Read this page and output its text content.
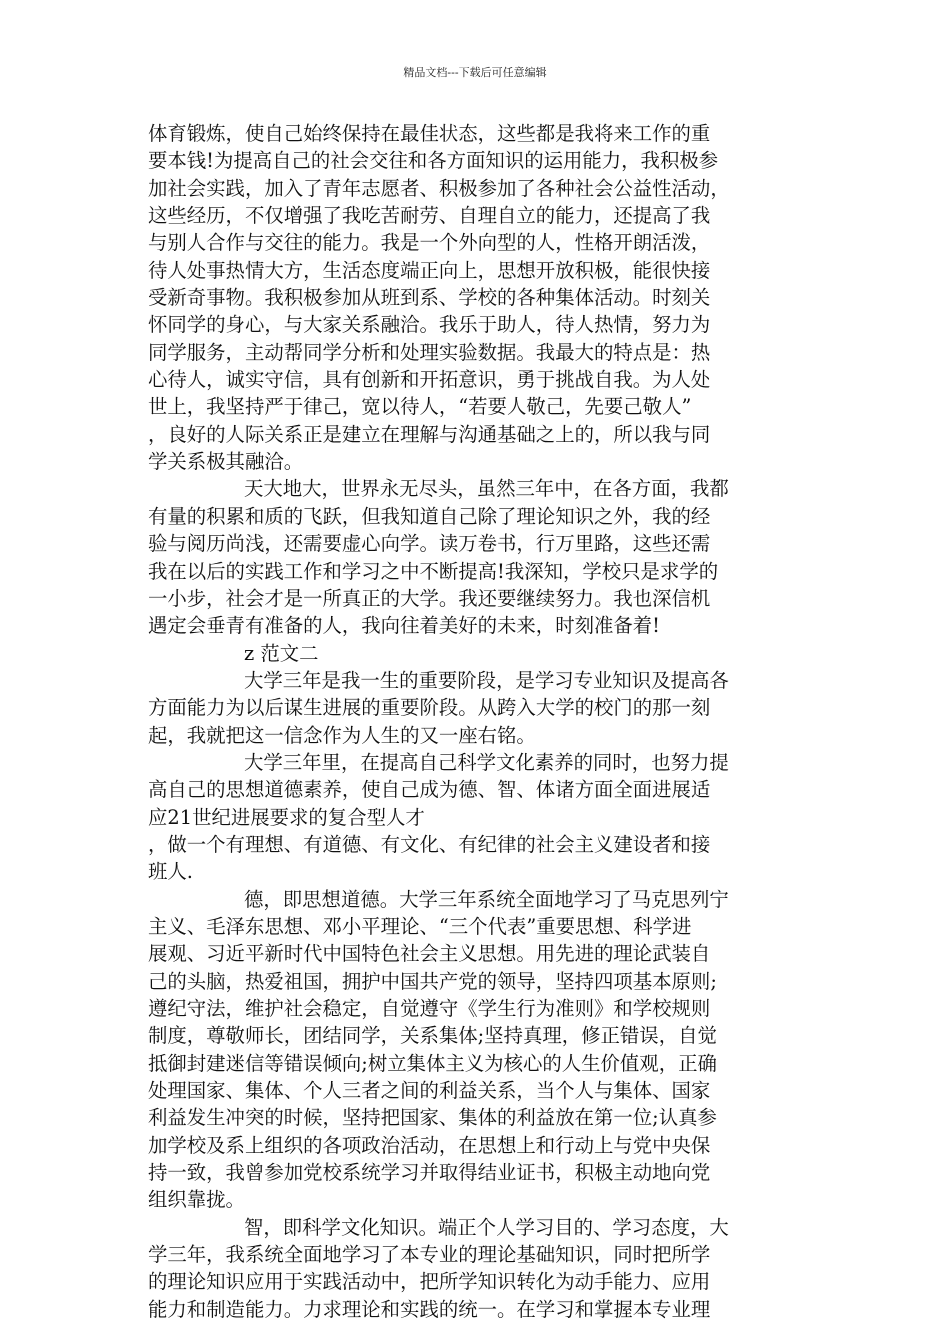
精品文档---下载后可任意编辑
体育锻炼，使自己始终保持在最佳状态，这些都是我将来工作的重
要本钱!为提高自己的社会交往和各方面知识的运用能力，我积极参
加社会实践，加入了青年志愿者、积极参加了各种社会公益性活动，
这些经历，不仅增强了我吃苦耐劳、自理自立的能力，还提高了我
与别人合作与交往的能力。我是一个外向型的人，性格开朗活泼，
待人处事热情大方，生活态度端正向上，思想开放积极，能很快接
受新奇事物。我积极参加从班到系、学校的各种集体活动。时刻关
怀同学的身心，与大家关系融洽。我乐于助人，待人热情，努力为
同学服务，主动帮同学分析和处理实验数据。我最大的特点是：热
心待人，诚实守信，具有创新和开拓意识，勇于挑战自我。为人处
世上，我坚持严于律己，宽以待人，“若要人敬己，先要己敬人”
，良好的人际关系正是建立在理解与沟通基础之上的，所以我与同
学关系极其融洽。
天大地大，世界永无尽头，虽然三年中，在各方面，我都
有量的积累和质的飞跃，但我知道自己除了理论知识之外，我的经
验与阅历尚浅，还需要虚心向学。读万卷书，行万里路，这些还需
我在以后的实践工作和学习之中不断提高!我深知，学校只是求学的
一小步，社会才是一所真正的大学。我还要继续努力。我也深信机
遇定会垂青有准备的人，我向往着美好的未来，时刻准备着!
z 范文二
大学三年是我一生的重要阶段，是学习专业知识及提高各
方面能力为以后谋生进展的重要阶段。从跨入大学的校门的那一刻
起，我就把这一信念作为人生的又一座右铭。
大学三年里，在提高自己科学文化素养的同时，也努力提
高自己的思想道德素养，使自己成为德、智、体诸方面全面进展适
应21世纪进展要求的复合型人才
，做一个有理想、有道德、有文化、有纪律的社会主义建设者和接
班人.
德，即思想道德。大学三年系统全面地学习了马克思列宁
主义、毛泽东思想、邓小平理论、“三个代表”重要思想、科学进
展观、习近平新时代中国特色社会主义思想。用先进的理论武装自
己的头脑，热爱祖国，拥护中国共产党的领导，坚持四项基本原则;
遵纪守法，维护社会稳定，自觉遵守《学生行为准则》和学校规则
制度，尊敬师长，团结同学，关系集体;坚持真理，修正错误，自觉
抵御封建迷信等错误倾向;树立集体主义为核心的人生价值观，正确
处理国家、集体、个人三者之间的利益关系，当个人与集体、国家
利益发生冲突的时候，坚持把国家、集体的利益放在第一位;认真参
加学校及系上组织的各项政治活动，在思想上和行动上与党中央保
持一致，我曾参加党校系统学习并取得结业证书，积极主动地向党
组织靠拢。
智，即科学文化知识。端正个人学习目的、学习态度，大
学三年，我系统全面地学习了本专业的理论基础知识，同时把所学
的理论知识应用于实践活动中，把所学知识转化为动手能力、应用
能力和制造能力。力求理论和实践的统一。在学习和掌握本专业理
